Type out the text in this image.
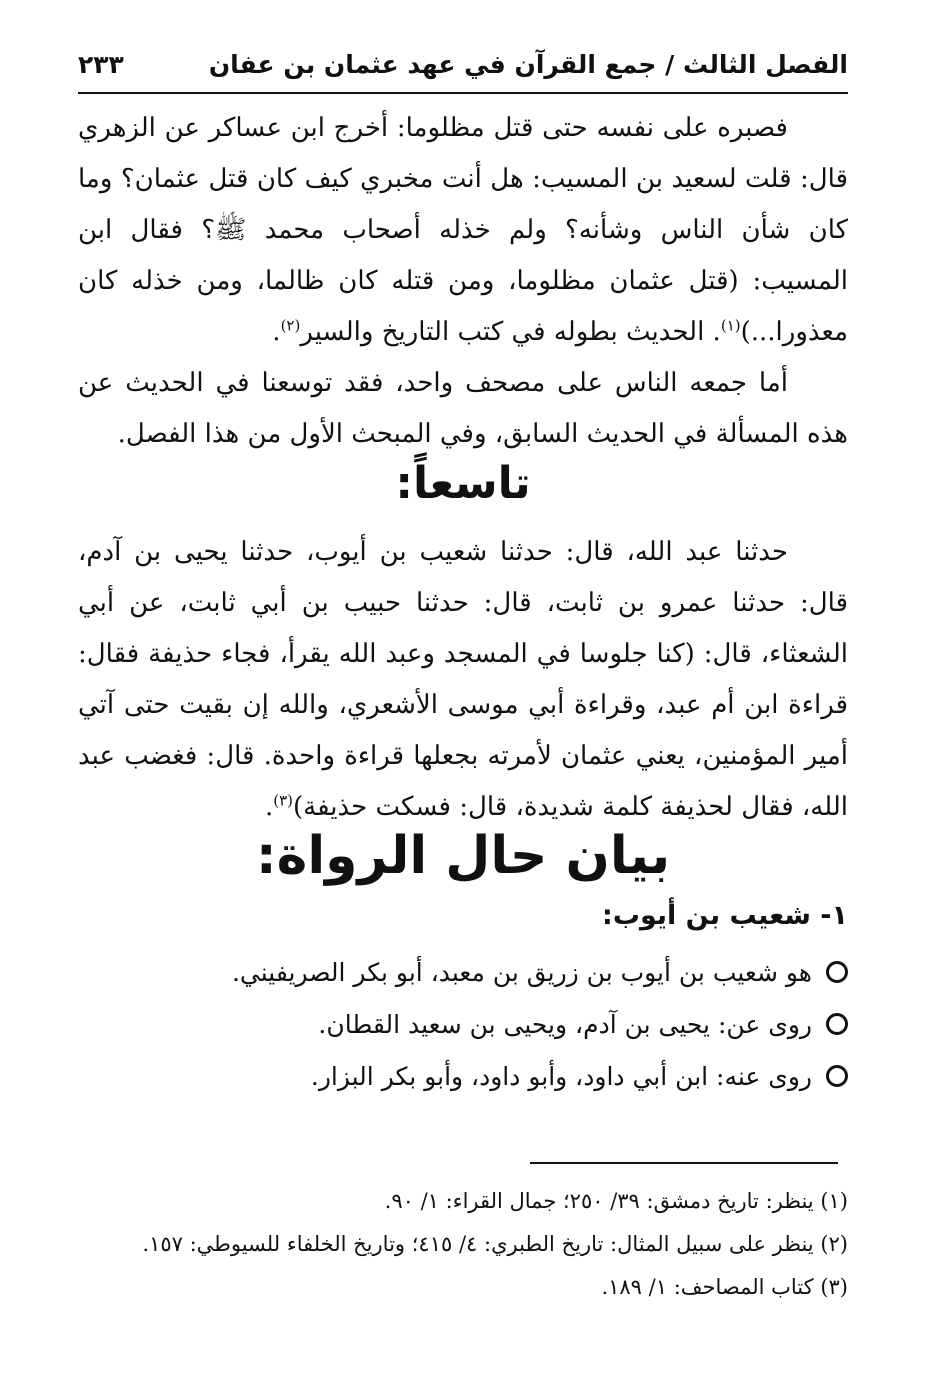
الفصل الثالث / جمع القرآن في عهد عثمان بن عفان
٢٣٣

فصبره على نفسه حتى قتل مظلوما: أخرج ابن عساكر عن الزهري قال: قلت لسعيد بن المسيب: هل أنت مخبري كيف كان قتل عثمان؟ وما كان شأن الناس وشأنه؟ ولم خذله أصحاب محمد ﷺ؟ فقال ابن المسيب: (قتل عثمان مظلوما، ومن قتله كان ظالما، ومن خذله كان معذورا...)$^{(١)}$. الحديث بطوله في كتب التاريخ والسير$^{(٢)}$.

أما جمعه الناس على مصحف واحد، فقد توسعنا في الحديث عن هذه المسألة في الحديث السابق، وفي المبحث الأول من هذا الفصل.

تاسعاً:

حدثنا عبد الله، قال: حدثنا شعيب بن أيوب، حدثنا يحيى بن آدم، قال: حدثنا عمرو بن ثابت، قال: حدثنا حبيب بن أبي ثابت، عن أبي الشعثاء، قال: (كنا جلوسا في المسجد وعبد الله يقرأ، فجاء حذيفة فقال: قراءة ابن أم عبد، وقراءة أبي موسى الأشعري، والله إن بقيت حتى آتي أمير المؤمنين، يعني عثمان لأمرته بجعلها قراءة واحدة. قال: فغضب عبد الله، فقال لحذيفة كلمة شديدة، قال: فسكت حذيفة)$^{(٣)}$.

بيان حال الرواة:
١- شعيب بن أيوب:
هو شعيب بن أيوب بن زريق بن معبد، أبو بكر الصريفيني.
روى عن: يحيى بن آدم، ويحيى بن سعيد القطان.
روى عنه: ابن أبي داود، وأبو داود، وأبو بكر البزار.
(١) ينظر: تاريخ دمشق: ٣٩/ ٢٥٠؛ جمال القراء: ١/ ٩٠.
(٢) ينظر على سبيل المثال: تاريخ الطبري: ٤/ ٤١٥؛ وتاريخ الخلفاء للسيوطي: ١٥٧.
(٣) كتاب المصاحف: ١/ ١٨٩.
